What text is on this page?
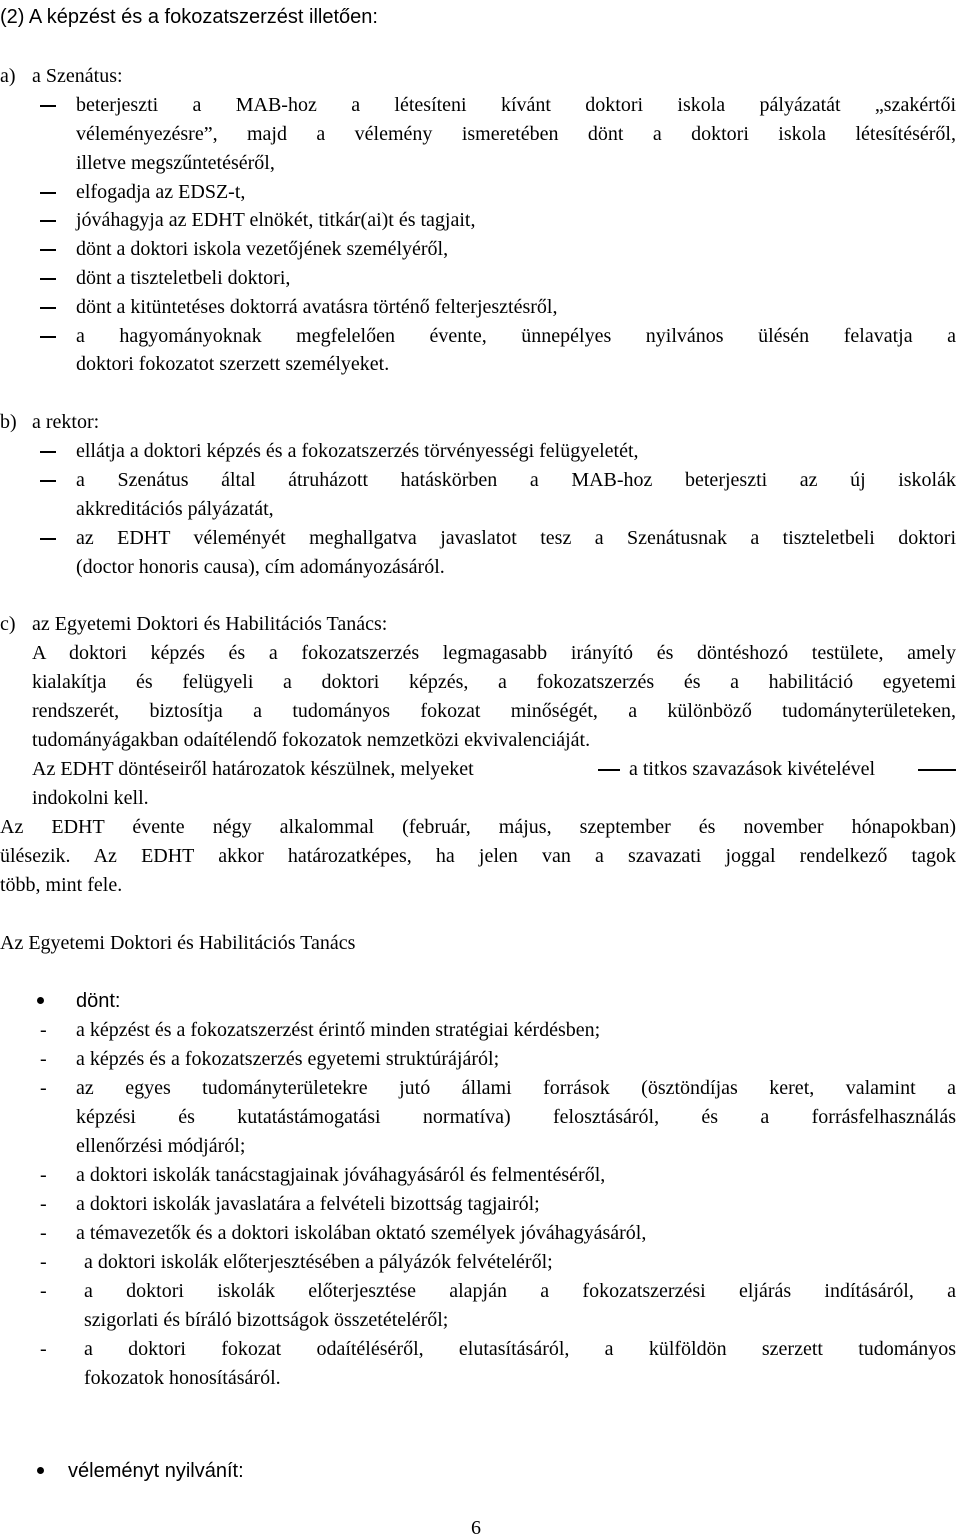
(2) A képzést és a fokozatszerzést illetően:
a) a Szenátus:
beterjeszti a MAB-hoz a létesíteni kívánt doktori iskola pályázatát „szakértői
véleményezésre”, majd a vélemény ismeretében dönt a doktori iskola létesítéséről,
illetve megszűntetéséről,
elfogadja az EDSZ-t,
jóváhagyja az EDHT elnökét, titkár(ai)t és tagjait,
dönt a doktori iskola vezetőjének személyéről,
dönt a tiszteletbeli doktori,
dönt a kitüntetéses doktorrá avatásra történő felterjesztésről,
a hagyományoknak megfelelően évente, ünnepélyes nyilvános ülésén felavatja a
doktori fokozatot szerzett személyeket.
b) a rektor:
ellátja a doktori képzés és a fokozatszerzés törvényességi felügyeletét,
a Szenátus által átruházott hatáskörben a MAB-hoz beterjeszti az új iskolák
akkreditációs pályázatát,
az EDHT véleményét meghallgatva javaslatot tesz a Szenátusnak a tiszteletbeli doktori
(doctor honoris causa), cím adományozásáról.
c) az Egyetemi Doktori és Habilitációs Tanács:
A doktori képzés és a fokozatszerzés legmagasabb irányító és döntéshozó testülete, amely
kialakítja és felügyeli a doktori képzés, a fokozatszerzés és a habilitáció egyetemi
rendszerét, biztosítja a tudományos fokozat minőségét, a különböző tudományterületeken,
tudományágakban odaítélendő fokozatok nemzetközi ekvivalenciáját.
Az EDHT döntéseiről határozatok készülnek, melyeket	a titkos szavazások kivételével
indokolni kell.
Az EDHT évente négy alkalommal (február, május, szeptember és november hónapokban)
ülésezik. Az EDHT akkor határozatképes, ha jelen van a szavazati joggal rendelkező tagok
több, mint fele.
Az Egyetemi Doktori és Habilitációs Tanács
dönt:
- a képzést és a fokozatszerzést érintő minden stratégiai kérdésben;
- a képzés és a fokozatszerzés egyetemi struktúrájáról;
- az egyes tudományterületekre jutó állami források (ösztöndíjas keret, valamint a
képzési és kutatástámogatási normatíva) felosztásáról, és a forrásfelhasználás
ellenőrzési módjáról;
- a doktori iskolák tanácstagjainak jóváhagyásáról és felmentéséről,
- a doktori iskolák javaslatára a felvételi bizottság tagjairól;
- a témavezetők és a doktori iskolában oktató személyek jóváhagyásáról,
- a doktori iskolák előterjesztésében a pályázók felvételéről;
- a doktori iskolák előterjesztése alapján a fokozatszerzési eljárás indításáról, a
szigorlati és bíráló bizottságok összetételéről;
- a doktori fokozat odaítéléséről, elutasításáról, a külföldön szerzett tudományos
fokozatok honosításáról.
véleményt nyilvánít:
6
